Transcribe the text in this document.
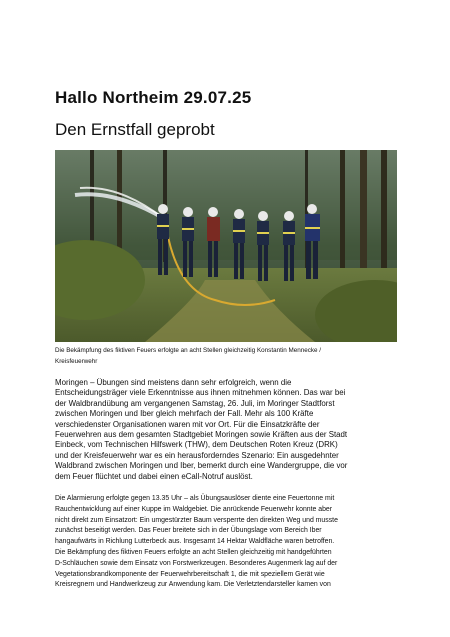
Hallo Northeim 29.07.25
Den Ernstfall geprobt
Die Bekämpfung des fiktiven Feuers erfolgte an acht Stellen gleichzeitig Konstantin Mennecke /
Kreisfeuerwehr

Moringen – Übungen sind meistens dann sehr erfolgreich, wenn die
Entscheidungsträger viele Erkenntnisse aus ihnen mitnehmen können. Das war bei
der Waldbrandübung am vergangenen Samstag, 26. Juli, im Moringer Stadtforst
zwischen Moringen und Iber gleich mehrfach der Fall. Mehr als 100 Kräfte
verschiedenster Organisationen waren mit vor Ort. Für die Einsatzkräfte der
Feuerwehren aus dem gesamten Stadtgebiet Moringen sowie Kräften aus der Stadt
Einbeck, vom Technischen Hilfswerk (THW), dem Deutschen Roten Kreuz (DRK)
und der Kreisfeuerwehr war es ein herausforderndes Szenario: Ein ausgedehnter
Waldbrand zwischen Moringen und Iber, bemerkt durch eine Wandergruppe, die vor
dem Feuer flüchtet und dabei einen eCall-Notruf auslöst.

Die Alarmierung erfolgte gegen 13.35 Uhr – als Übungsauslöser diente eine Feuertonne mit
Rauchentwicklung auf einer Kuppe im Waldgebiet. Die anrückende Feuerwehr konnte aber
nicht direkt zum Einsatzort: Ein umgestürzter Baum versperrte den direkten Weg und musste
zunächst beseitigt werden. Das Feuer breitete sich in der Übungslage vom Bereich Iber
hangaufwärts in Richlung Lutterbeck aus. Insgesamt 14 Hektar Waldfläche waren betroffen.
Die Bekämpfung des fiktiven Feuers erfolgte an acht Stellen gleichzeitig mit handgeführten
D-Schläuchen sowie dem Einsatz von Forstwerkzeugen. Besonderes Augenmerk lag auf der
Vegetationsbrandkomponente der Feuerwehrbereitschaft 1, die mit speziellem Gerät wie
Kreisregnern und Handwerkzeug zur Anwendung kam. Die Verletztendarsteller kamen von
